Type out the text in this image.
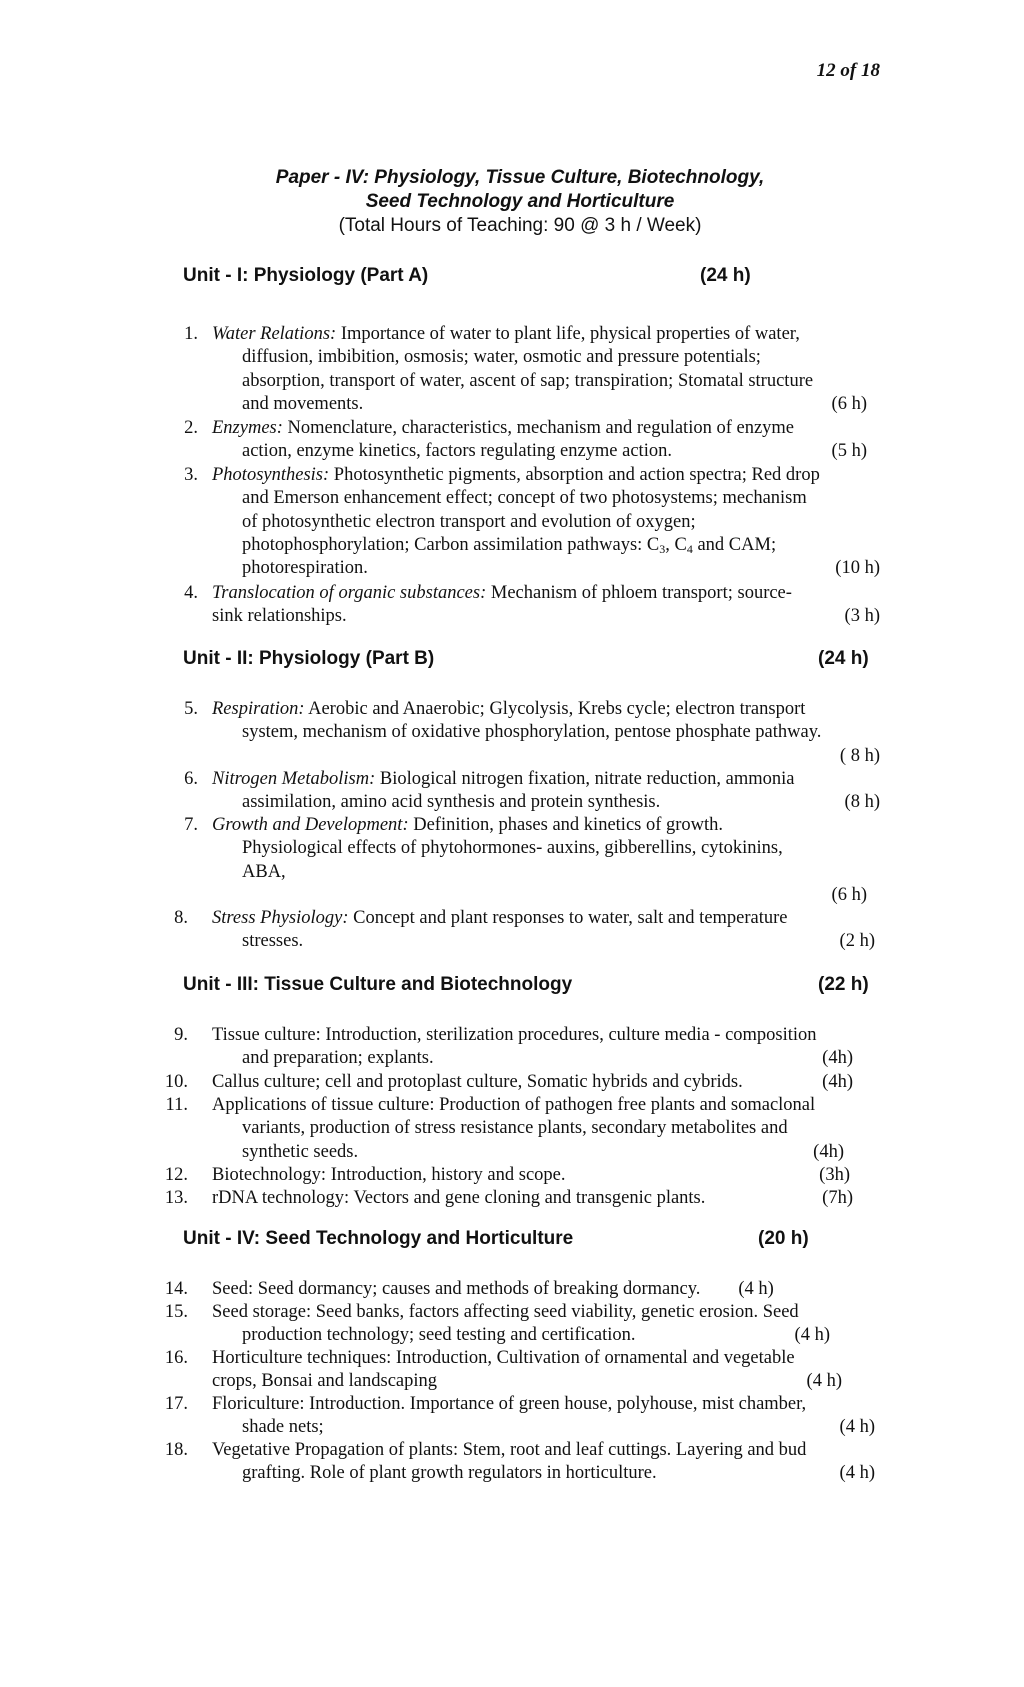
12 of 18
Paper - IV: Physiology, Tissue Culture, Biotechnology,
Seed Technology and Horticulture
(Total Hours of Teaching: 90 @ 3 h / Week)
Unit - I: Physiology (Part A)	(24 h)
1. Water Relations: Importance of water to plant life, physical properties of water,
diffusion, imbibition, osmosis; water, osmotic and pressure potentials;
absorption, transport of water, ascent of sap; transpiration; Stomatal structure
and movements.	(6 h)
2. Enzymes: Nomenclature, characteristics, mechanism and regulation of enzyme
action, enzyme kinetics, factors regulating enzyme action.	(5 h)
3. Photosynthesis: Photosynthetic pigments, absorption and action spectra; Red drop
and Emerson enhancement effect; concept of two photosystems; mechanism
of photosynthetic electron transport and evolution of oxygen;
photophosphorylation; Carbon assimilation pathways: $C_3$, $C_4$ and CAM;
photorespiration.	(10 h)
4. Translocation of organic substances: Mechanism of phloem transport; source-
sink relationships.	(3 h)
Unit - II: Physiology (Part B)	(24 h)
5. Respiration: Aerobic and Anaerobic; Glycolysis, Krebs cycle; electron transport
system, mechanism of oxidative phosphorylation, pentose phosphate pathway.
( 8 h)
6. Nitrogen Metabolism: Biological nitrogen fixation, nitrate reduction, ammonia
assimilation, amino acid synthesis and protein synthesis.	(8 h)
7. Growth and Development: Definition, phases and kinetics of growth.
Physiological effects of phytohormones- auxins, gibberellins, cytokinins,
ABA,
(6 h)
8. Stress Physiology: Concept and plant responses to water, salt and temperature
stresses.	(2 h)
Unit - III: Tissue Culture and Biotechnology	(22 h)
9. Tissue culture: Introduction, sterilization procedures, culture media - composition
and preparation; explants.	(4h)
10. Callus culture; cell and protoplast culture, Somatic hybrids and cybrids.	(4h)
11. Applications of tissue culture: Production of pathogen free plants and somaclonal
variants, production of stress resistance plants, secondary metabolites and
synthetic seeds.	(4h)
12. Biotechnology: Introduction, history and scope.	(3h)
13. rDNA technology: Vectors and gene cloning and transgenic plants.	(7h)
Unit - IV: Seed Technology and Horticulture	(20 h)
14. Seed: Seed dormancy; causes and methods of breaking dormancy. (4 h)
15. Seed storage: Seed banks, factors affecting seed viability, genetic erosion. Seed
production technology; seed testing and certification.	(4 h)
16. Horticulture techniques: Introduction, Cultivation of ornamental and vegetable
crops, Bonsai and landscaping	(4 h)
17. Floriculture: Introduction. Importance of green house, polyhouse, mist chamber,
shade nets;	(4 h)
18. Vegetative Propagation of plants: Stem, root and leaf cuttings. Layering and bud
grafting. Role of plant growth regulators in horticulture.	(4 h)
